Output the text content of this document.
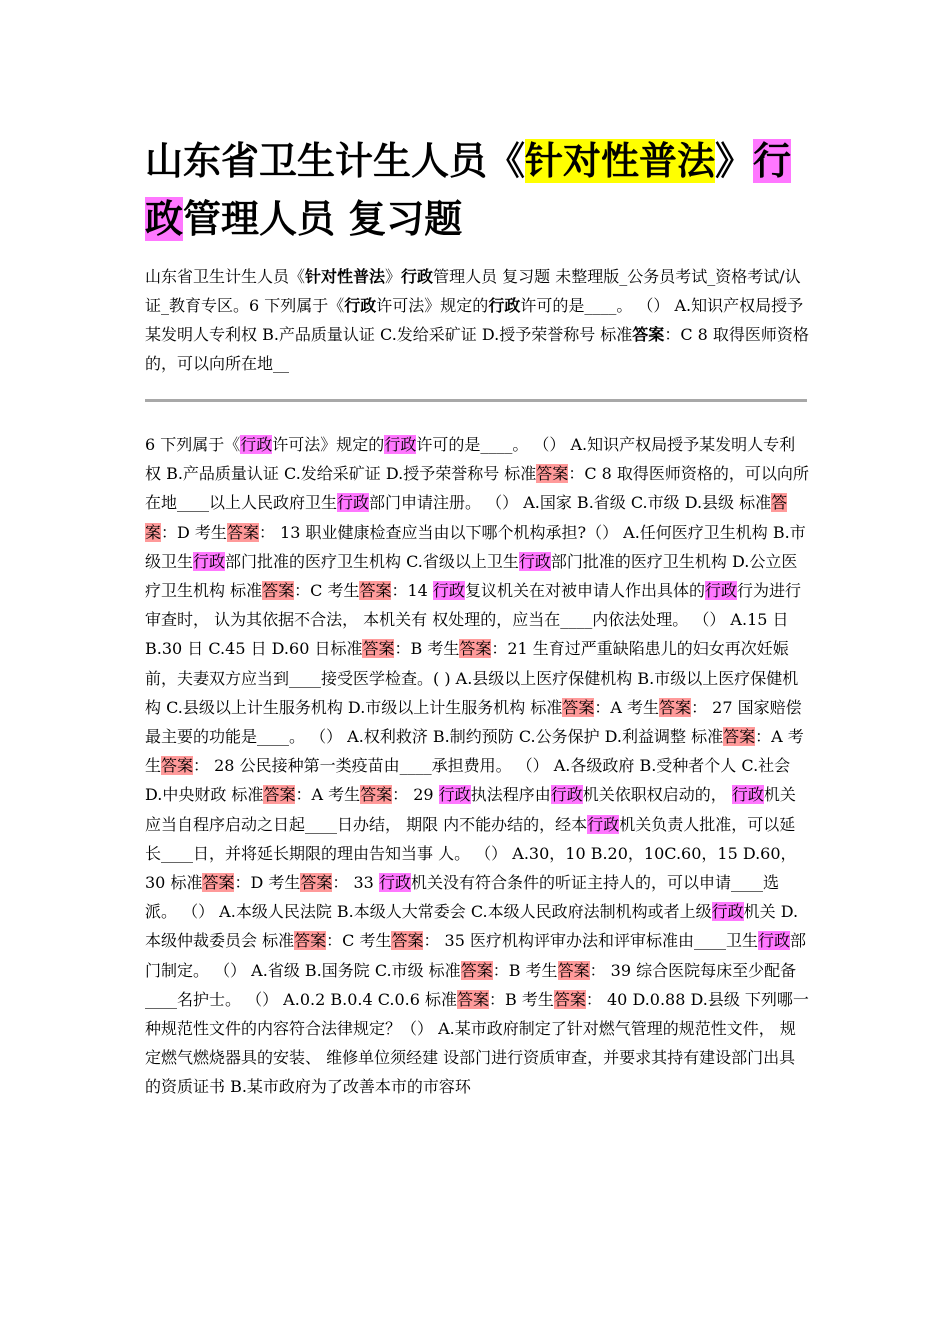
山东省卫生计生人员《针对性普法》行政管理人员 复习题

山东省卫生计生人员《针对性普法》行政管理人员 复习题 未整理版_公务员考试_资格考试/认证_教育专区。6 下列属于《行政许可法》规定的行政许可的是____。 （） A.知识产权局授予某发明人专利权 B.产品质量认证 C.发给采矿证 D.授予荣誉称号 标准答案：C 8 取得医师资格的，可以向所在地__

6 下列属于《行政许可法》规定的行政许可的是____。 （） A.知识产权局授予某发明人专利权 B.产品质量认证 C.发给采矿证 D.授予荣誉称号 标准答案：C 8 取得医师资格的，可以向所在地____以上人民政府卫生行政部门申请注册。 （） A.国家 B.省级 C.市级 D.县级 标准答案：D 考生答案： 13 职业健康检查应当由以下哪个机构承担?（） A.任何医疗卫生机构 B.市级卫生行政部门批准的医疗卫生机构 C.省级以上卫生行政部门批准的医疗卫生机构 D.公立医疗卫生机构 标准答案：C 考生答案：14 行政复议机关在对被申请人作出具体的行政行为进行审查时， 认为其依据不合法， 本机关有 权处理的，应当在____内依法处理。 （） A.15 日 B.30 日 C.45 日 D.60 日标准答案：B 考生答案：21 生育过严重缺陷患儿的妇女再次妊娠前，夫妻双方应当到____接受医学检查。( ) A.县级以上医疗保健机构 B.市级以上医疗保健机构 C.县级以上计生服务机构 D.市级以上计生服务机构 标准答案：A 考生答案： 27 国家赔偿最主要的功能是____。 （） A.权利救济 B.制约预防 C.公务保护 D.利益调整 标准答案：A 考生答案： 28 公民接种第一类疫苗由____承担费用。 （） A.各级政府 B.受种者个人 C.社会 D.中央财政 标准答案：A 考生答案： 29 行政执法程序由行政机关依职权启动的， 行政机关应当自程序启动之日起____日办结， 期限 内不能办结的，经本行政机关负责人批准，可以延长____日，并将延长期限的理由告知当事 人。 （） A.30，10 B.20，10C.60，15 D.60，30 标准答案：D 考生答案： 33 行政机关没有符合条件的听证主持人的，可以申请____选派。 （） A.本级人民法院 B.本级人大常委会 C.本级人民政府法制机构或者上级行政机关 D.本级仲裁委员会 标准答案：C 考生答案： 35 医疗机构评审办法和评审标准由____卫生行政部门制定。 （） A.省级 B.国务院 C.市级 标准答案：B 考生答案： 39 综合医院每床至少配备____名护士。 （） A.0.2 B.0.4 C.0.6 标准答案：B 考生答案： 40 D.0.88 D.县级 下列哪一种规范性文件的内容符合法律规定？（） A.某市政府制定了针对燃气管理的规范性文件， 规定燃气燃烧器具的安装、 维修单位须经建 设部门进行资质审查，并要求其持有建设部门出具的资质证书 B.某市政府为了改善本市的市容环
